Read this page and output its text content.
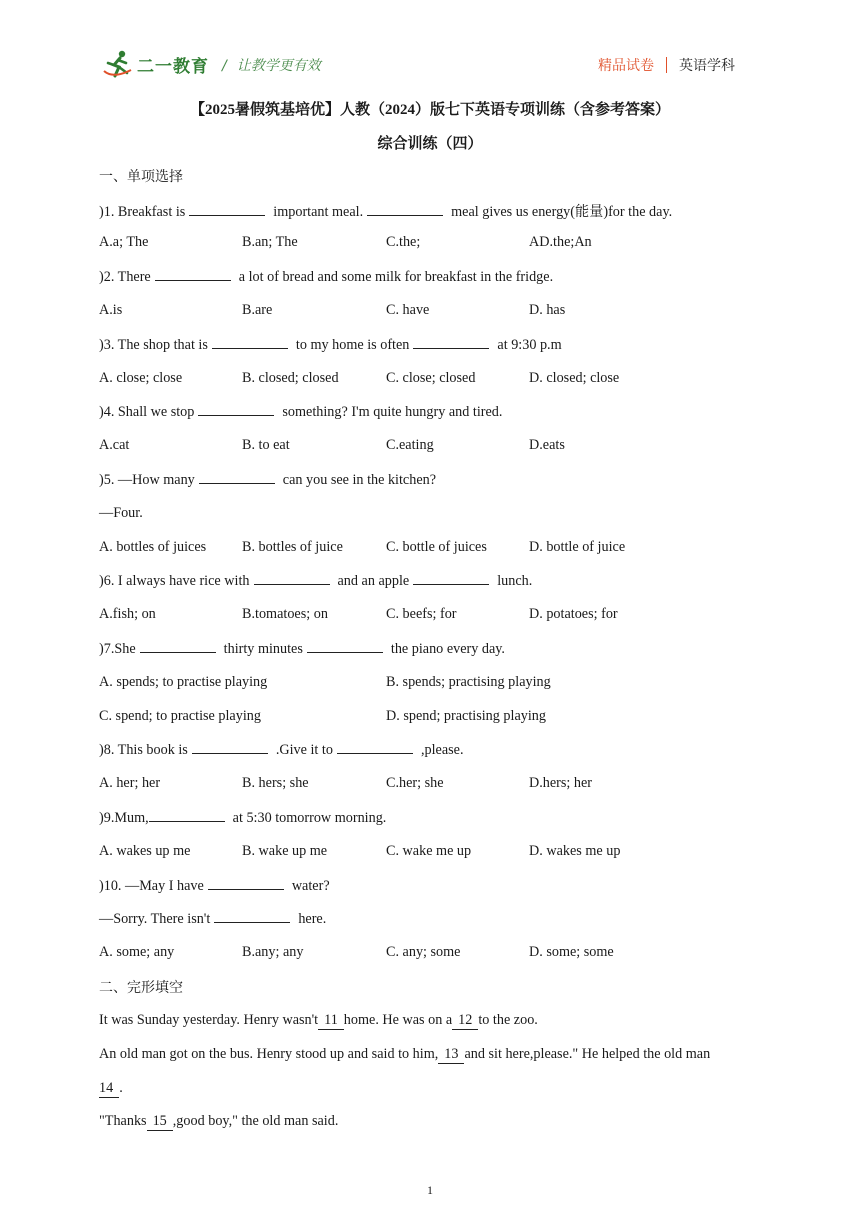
二一教育 / 让教学更有效	精品试卷 英语学科
【2025暑假筑基培优】人教（2024）版七下英语专项训练（含参考答案）
综合训练（四）
一、单项选择
)1. Breakfast is	important meal.	meal gives us energy(能量)for the day.
A.a; The	B.an; The	C.the;	AD.the;An
)2. There	a lot of bread and some milk for breakfast in the fridge.
A.is	B.are	C. have	D. has
)3. The shop that is	to my home is often	at 9:30 p.m
A. close; close	B. closed; closed	C. close; closed	D. closed; close
)4. Shall we stop	something? I'm quite hungry and tired.
A.cat	B. to eat	C.eating	D.eats
)5. —How many	can you see in the kitchen?
—Four.
A. bottles of juices	B. bottles of juice	C. bottle of juices	D. bottle of juice
)6. I always have rice with	and an apple	lunch.
A.fish; on	B.tomatoes; on	C. beefs; for	D. potatoes; for
)7.She	thirty minutes	the piano every day.
A. spends; to practise playing	B. spends; practising playing
C. spend; to practise playing	D. spend; practising playing
)8. This book is	.Give it to	,please.
A. her; her	B. hers; she	C.her; she	D.hers; her
)9.Mum,	at 5:30 tomorrow morning.
A. wakes up me	B. wake up me	C. wake me up	D. wakes me up
)10. —May I have	water?
—Sorry. There isn't	here.
A. some; any	B.any; any	C. any; some	D. some; some
二、完形填空
It was Sunday yesterday. Henry wasn't 11 home. He was on a 12 to the zoo.
An old man got on the bus. Henry stood up and said to him, 13 and sit here,please." He helped the old man
14 .
"Thanks 15 ,good boy," the old man said.
1
